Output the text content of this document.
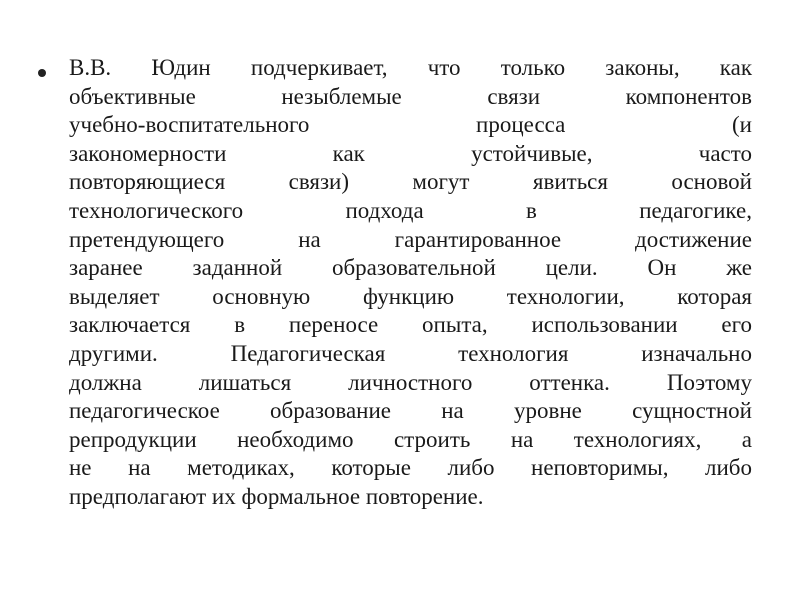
В.В. Юдин подчеркивает, что только законы, как
объективные незыблемые связи компонентов
учебно-воспитательного процесса (и
закономерности как устойчивые, часто
повторяющиеся связи) могут явиться основой
технологического подхода в педагогике,
претендующего на гарантированное достижение
заранее заданной образовательной цели. Он же
выделяет основную функцию технологии, которая
заключается в переносе опыта, использовании его
другими. Педагогическая технология изначально
должна лишаться личностного оттенка. Поэтому
педагогическое образование на уровне сущностной
репродукции необходимо строить на технологиях, а
не на методиках, которые либо неповторимы, либо
предполагают их формальное повторение.
